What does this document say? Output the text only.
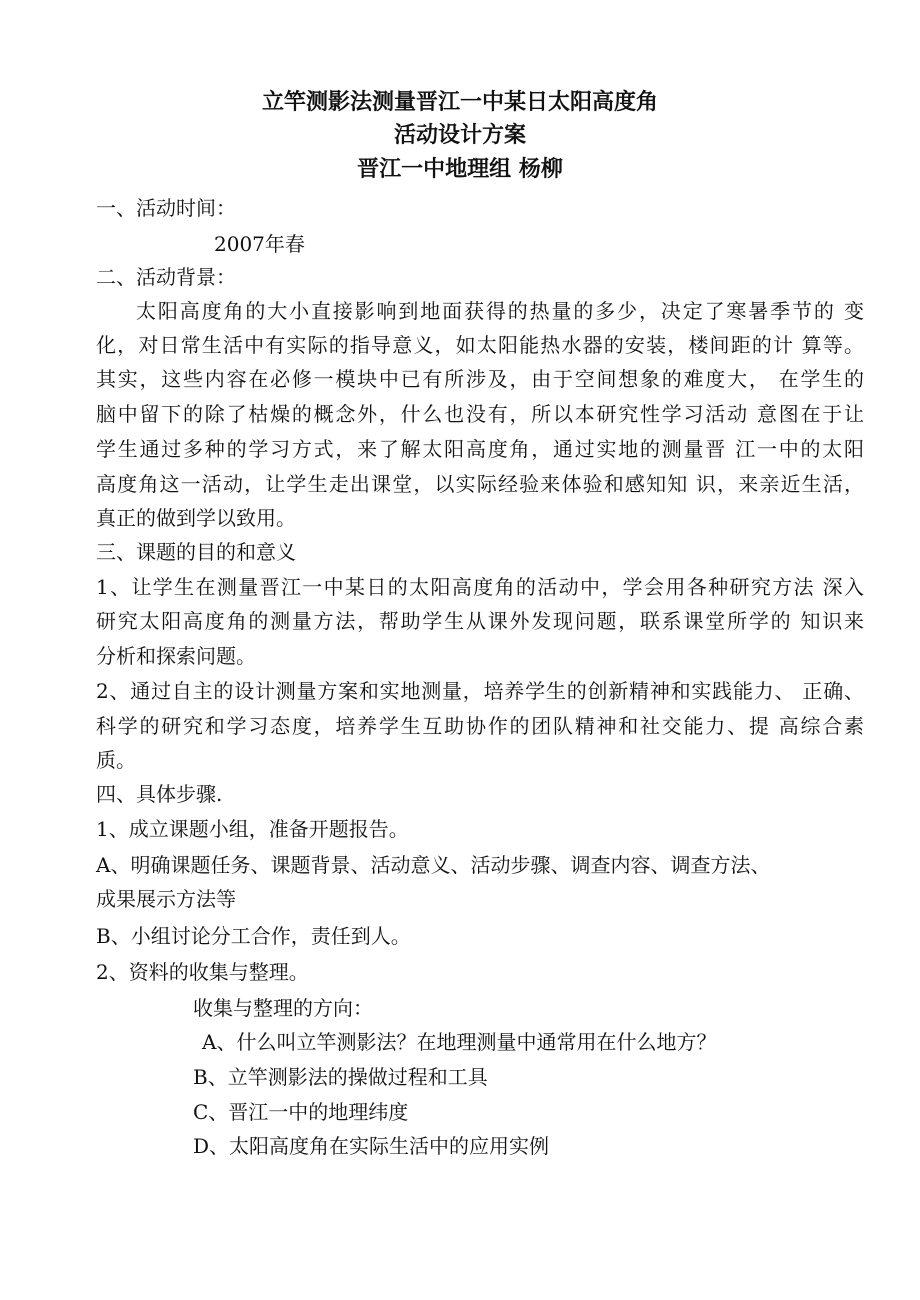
立竿测影法测量晋江一中某日太阳高度角
活动设计方案
晋江一中地理组 杨柳
一、活动时间：
2007年春
二、活动背景：
太阳高度角的大小直接影响到地面获得的热量的多少，决定了寒暑季节的 变
化，对日常生活中有实际的指导意义，如太阳能热水器的安装，楼间距的计 算等。
其实，这些内容在必修一模块中已有所涉及，由于空间想象的难度大， 在学生的
脑中留下的除了枯燥的概念外，什么也没有，所以本研究性学习活动 意图在于让
学生通过多种的学习方式，来了解太阳高度角，通过实地的测量晋 江一中的太阳
高度角这一活动，让学生走出课堂，以实际经验来体验和感知知 识，来亲近生活，
真正的做到学以致用。
三、课题的目的和意义
1、让学生在测量晋江一中某日的太阳高度角的活动中，学会用各种研究方法 深入
研究太阳高度角的测量方法，帮助学生从课外发现问题，联系课堂所学的 知识来
分析和探索问题。
2、通过自主的设计测量方案和实地测量，培养学生的创新精神和实践能力、 正确、
科学的研究和学习态度，培养学生互助协作的团队精神和社交能力、提 高综合素
质。
四、具体步骤.
1、成立课题小组，准备开题报告。
A、明确课题任务、课题背景、活动意义、活动步骤、调查内容、调查方法、
成果展示方法等
B、小组讨论分工合作，责任到人。
2、资料的收集与整理。
收集与整理的方向：
A、什么叫立竿测影法？在地理测量中通常用在什么地方？
B、立竿测影法的操做过程和工具
C、晋江一中的地理纬度
D、太阳高度角在实际生活中的应用实例
